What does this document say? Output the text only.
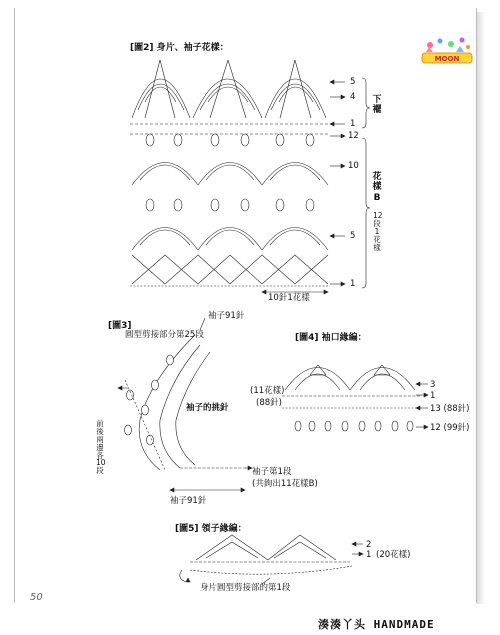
MOON
[圖2] 身片、袖子花樣：
5
4
1
12
10
5
1
下襬
花樣B
12段1花樣
10針1花樣
[圖3]
袖子91針
圓型剪接部分第25段
袖子的挑針
前後兩邊各10段	袖子第1段
(共鉤出11花樣B)
袖子91針
[圖4] 袖口緣編：
(11花樣)
(88針)
3
1
13 (88針)
12 (99針)
[圖5] 領子緣編：
2
1 (20花樣)
身片圓型剪接部的第1段
50
湊湊丫头 HANDMADE
